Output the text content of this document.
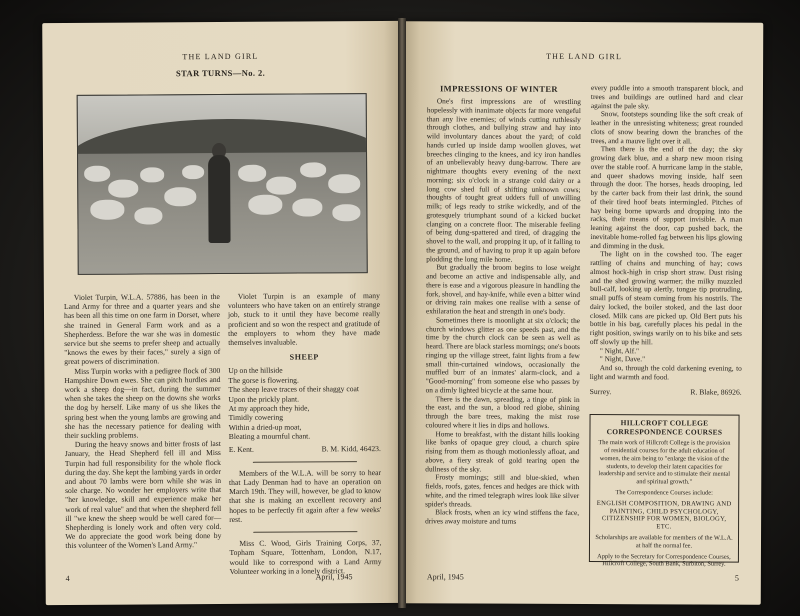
THE LAND GIRL
STAR TURNS—No. 2.

Violet Turpin, W.L.A. 57886, has been in the Land Army for three and a quarter years and she has been all this time on one farm in Dorset, where she trained in General Farm work and as a Shepherdess. Before the war she was in domestic service but she seems to prefer sheep and actually "knows the ewes by their faces," surely a sign of great powers of discrimination.

Miss Turpin works with a pedigree flock of 300 Hampshire Down ewes. She can pitch hurdles and work a sheep dog—in fact, during the summer when she takes the sheep on the downs she works the dog by herself. Like many of us she likes the spring best when the young lambs are growing and she has the necessary patience for dealing with their suckling problems.

During the heavy snows and bitter frosts of last January, the Head Shepherd fell ill and Miss Turpin had full responsibility for the whole flock during the day. She kept the lambing yards in order and about 70 lambs were born while she was in sole charge. No wonder her employers write that "her knowledge, skill and experience make her work of real value" and that when the shepherd fell ill "we knew the sheep would be well cared for—Shepherding is lonely work and often very cold. We do appreciate the good work being done by this volunteer of the Women's Land Army."

Violet Turpin is an example of many volunteers who have taken on an entirely strange job, stuck to it until they have become really proficient and so won the respect and gratitude of the employers to whom they have made themselves invaluable.

SHEEP
Up on the hillside
The gorse is flowering.
The sheep leave traces of their shaggy coat
Upon the prickly plant.
At my approach they hide,
Timidly cowering
Within a dried-up moat,
Bleating a mournful chant.
E. Kent.	B. M. Kidd, 46423.

Members of the W.L.A. will be sorry to hear that Lady Denman had to have an operation on March 19th. They will, however, be glad to know that she is making an excellent recovery and hopes to be perfectly fit again after a few weeks' rest.

Miss C. Wood, Girls Training Corps, 37, Topham Square, Tottenham, London, N.17, would like to correspond with a Land Army Volunteer working in a lonely district.

4	April, 1945
THE LAND GIRL
IMPRESSIONS OF WINTER

One's first impressions are of wrestling hopelessly with inanimate objects far more vengeful than any live enemies; of winds cutting ruthlessly through clothes, and bullying straw and hay into wild involuntary dances about the yard; of cold hands curled up inside damp woollen gloves, wet breeches clinging to the knees, and icy iron handles of an unbelievably heavy dung-barrow. There are nightmare thoughts every evening of the next morning; six o'clock in a strange cold dairy or a long cow shed full of shifting unknown cows; thoughts of tought great udders full of unwilling milk; of legs ready to strike wickedly, and of the grotesquely triumphant sound of a kicked bucket clanging on a concrete floor. The miserable feeling of being dung-spattered and tired, of dragging the shovel to the wall, and propping it up, of it falling to the ground, and of having to prop it up again before plodding the long mile home.

But gradually the broom begins to lose weight and become an active and indispensable ally, and there is ease and a vigorous pleasure in handling the fork, shovel, and hay-knife, while even a bitter wind or driving rain makes one realise with a sense of exhilaration the heat and strength in one's body.

Sometimes there is moonlight at six o'clock; the church windows glitter as one speeds past, and the time by the church clock can be seen as well as heard. There are black starless mornings; one's boots ringing up the village street, faint lights from a few small thin-curtained windows, occasionally the muffled burr of an inmates' alarm-clock, and a "Good-morning" from someone else who passes by on a dimly lighted bicycle at the same hour.

There is the dawn, spreading, a tinge of pink in the east, and the sun, a blood red globe, shining through the bare trees, making the mist rose coloured where it lies in dips and hollows.

Home to breakfast, with the distant hills looking like banks of opaque grey cloud, a church spire rising from them as though motionlessly afloat, and above, a fiery streak of gold tearing open the dullness of the sky.

Frosty mornings; still and blue-skied, when fields, roofs, gates, fences and hedges are thick with white, and the rimed telegraph wires look like silver spider's threads.

Black frosts, when an icy wind stiffens the face, drives away moisture and turns

every puddle into a smooth transparent block, and trees and buildings are outlined hard and clear against the pale sky.

Snow, footsteps sounding like the soft creak of leather in the unresisting whiteness; great rounded clots of snow bearing down the branches of the trees, and a mauve light over it all.

Then there is the end of the day; the sky growing dark blue, and a sharp new moon rising over the stable roof. A hurricane lamp in the stable, and queer shadows moving inside, half seen through the door. The horses, heads drooping, led by the carter back from their last drink, the sound of their tired hoof beats intermingled. Pitches of hay being borne upwards and dropping into the racks, their means of support invisible. A man leaning against the door, cap pushed back, the inevitable home-rolled fag between his lips glowing and dimming in the dusk.

The light on in the cowshed too. The eager rattling of chains and munching of hay; cows almost hock-high in crisp short straw. Dust rising and the shed growing warmer; the milky muzzled bull-calf, looking up alertly, tongue tip protruding, small puffs of steam coming from his nostrils. The dairy locked, the boiler stoked, and the last door closed. Milk cans are picked up. Old Bert puts his bottle in his bag, carefully places his pedal in the right position, swings warily on to his bike and sets off slowly up the hill.

" Night, Alf."

" Night, Dave."

And so, through the cold darkening evening, to light and warmth and food.

Surrey.	R. Blake, 86926.
HILLCROFT COLLEGE
CORRESPONDENCE COURSES

The main work of Hillcroft College is the provision of residential courses for the adult education of women, the aim being to "enlarge the vision of the students, to develop their latent capacities for leadership and service and to stimulate their mental and spiritual growth."

The Correspondence Courses include:

ENGLISH COMPOSITION, DRAWING AND PAINTING, CHILD PSYCHOLOGY, CITIZENSHIP FOR WOMEN, BIOLOGY, ETC.

Scholarships are available for members of the W.L.A. at half the normal fee.

Apply to the Secretary for Correspondence Courses, Hillcroft College, South Bank, Surbiton, Surrey.

April, 1945	5
